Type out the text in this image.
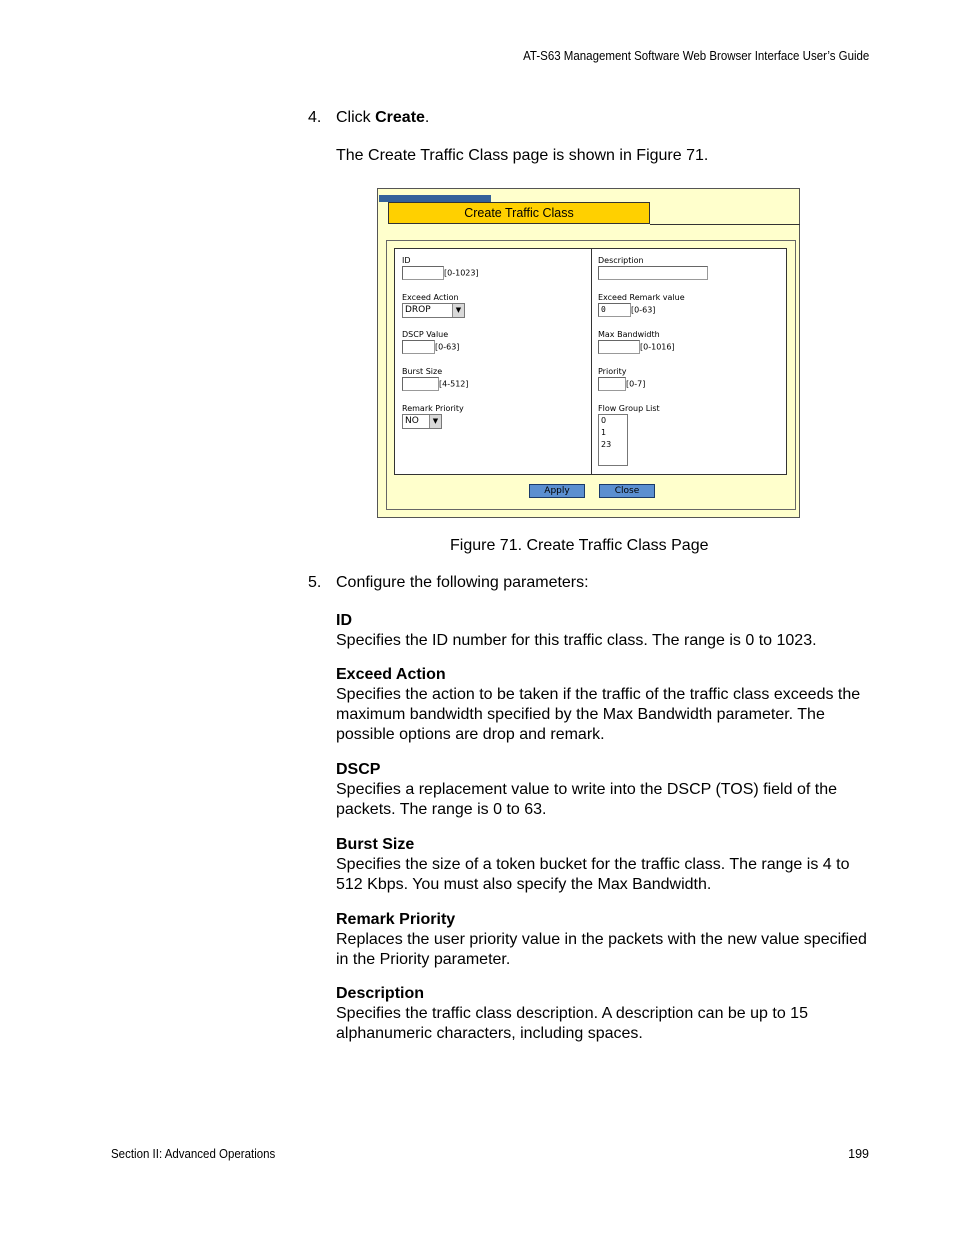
AT-S63 Management Software Web Browser Interface User’s Guide
4. Click Create.
The Create Traffic Class page is shown in Figure 71.
Create Traffic Class
ID
[0-1023]
Exceed Action
DROP	▼
DSCP Value
[0-63]
Burst Size
[4-512]
Remark Priority
NO	▼
Description
Exceed Remark value
0	[0-63]
Max Bandwidth
[0-1016]
Priority
[0-7]
Flow Group List
0
1
23
Apply	Close
Figure 71. Create Traffic Class Page
5. Configure the following parameters:
ID
Specifies the ID number for this traffic class. The range is 0 to 1023.
Exceed Action
Specifies the action to be taken if the traffic of the traffic class exceeds the maximum bandwidth specified by the Max Bandwidth parameter. The possible options are drop and remark.
DSCP
Specifies a replacement value to write into the DSCP (TOS) field of the packets. The range is 0 to 63.
Burst Size
Specifies the size of a token bucket for the traffic class. The range is 4 to 512 Kbps. You must also specify the Max Bandwidth.
Remark Priority
Replaces the user priority value in the packets with the new value specified in the Priority parameter.
Description
Specifies the traffic class description. A description can be up to 15 alphanumeric characters, including spaces.
Section II: Advanced Operations	199
